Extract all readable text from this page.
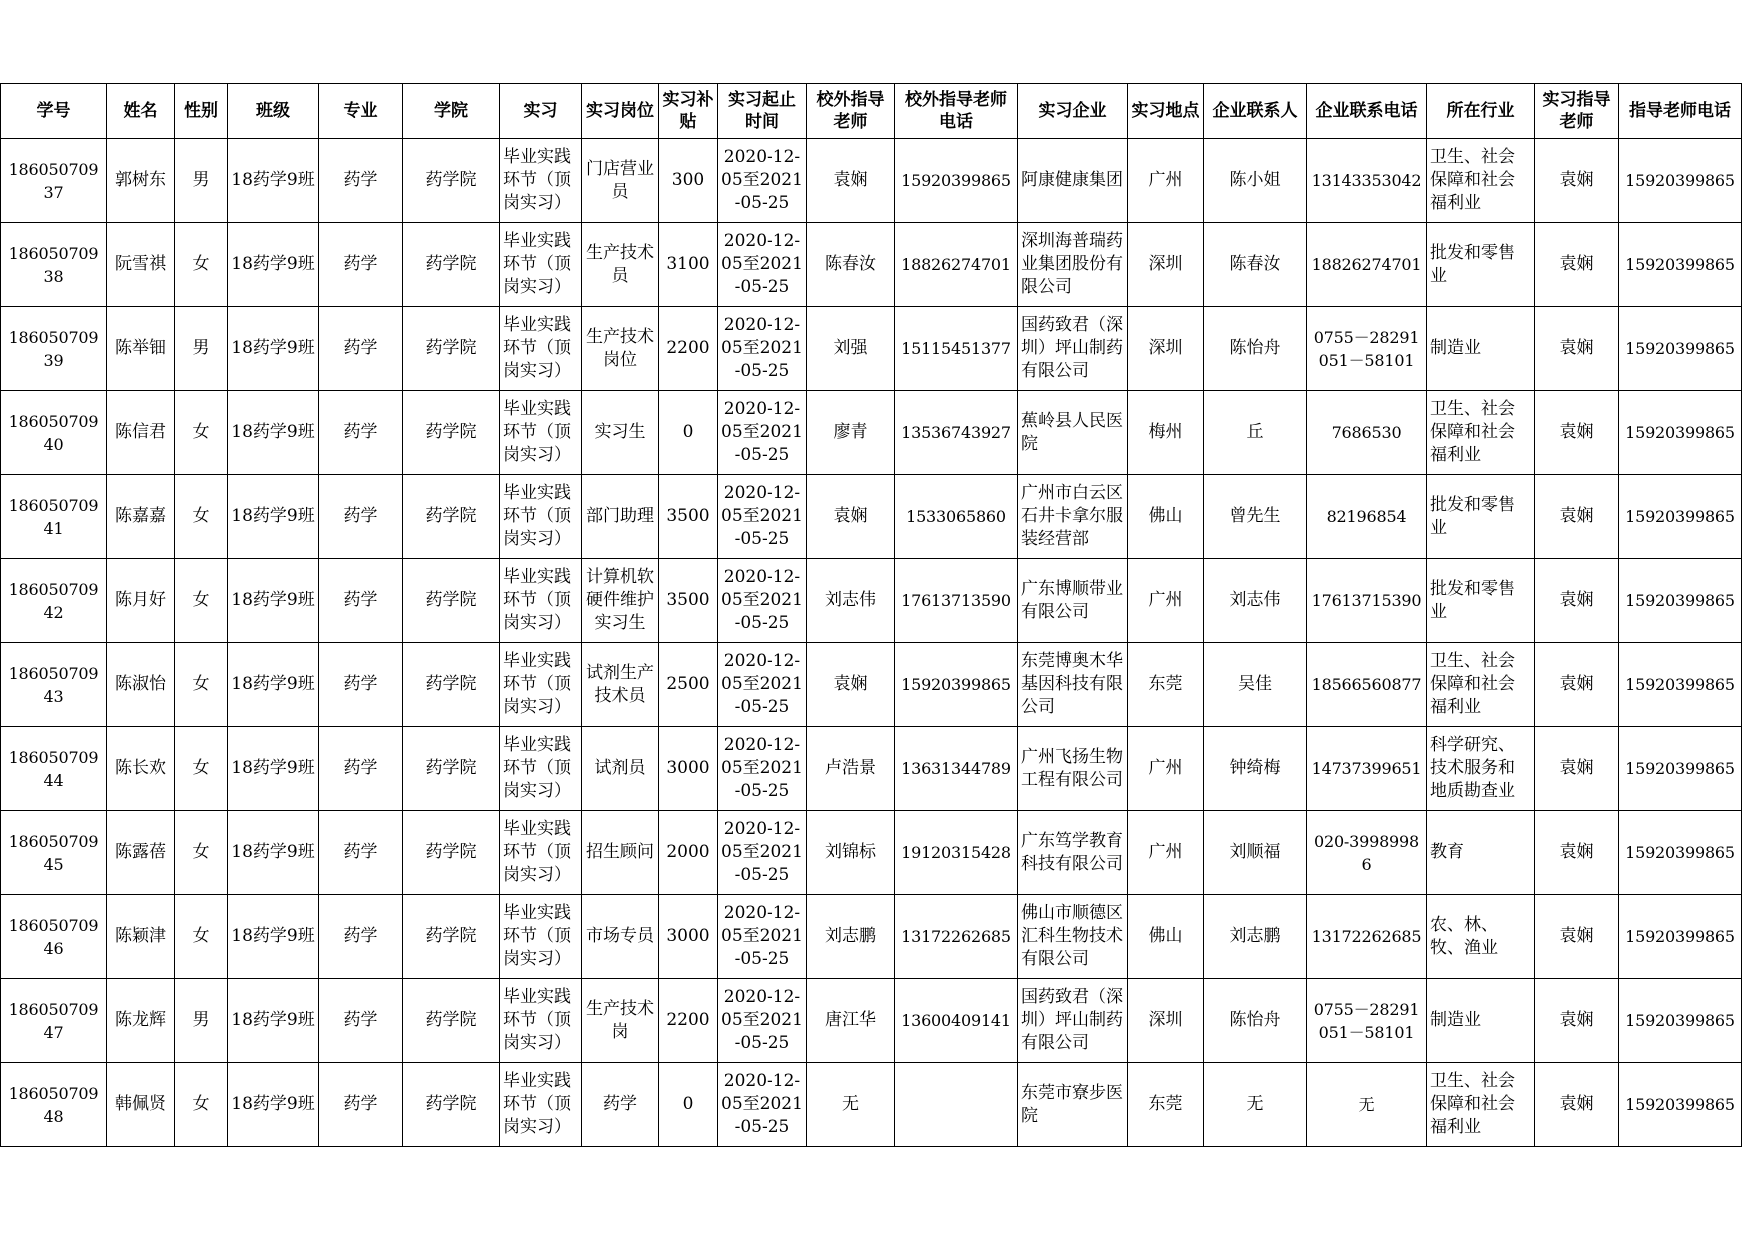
学号	姓名	性别	班级	专业	学院	实习	实习岗位	实习补贴	实习起止时间	校外指导老师	校外指导老师电话	实习企业	实习地点	企业联系人	企业联系电话	所在行业	实习指导老师	指导老师电话

18605070937	郭树东	男	18药学9班	药学	药学院	毕业实践环节（顶岗实习）	门店营业员	300	2020-12-05至2021-05-25	袁娴	15920399865	阿康健康集团	广州	陈小姐	13143353042	卫生、社会保障和社会福利业	袁娴	15920399865

18605070938	阮雪祺	女	18药学9班	药学	药学院	毕业实践环节（顶岗实习）	生产技术员	3100	2020-12-05至2021-05-25	陈春汝	18826274701	深圳海普瑞药业集团股份有限公司	深圳	陈春汝	18826274701	批发和零售业	袁娴	15920399865

18605070939	陈举钿	男	18药学9班	药学	药学院	毕业实践环节（顶岗实习）	生产技术岗位	2200	2020-12-05至2021-05-25	刘强	15115451377	国药致君（深圳）坪山制药有限公司	深圳	陈怡舟	0755－28291051－58101	制造业	袁娴	15920399865

18605070940	陈信君	女	18药学9班	药学	药学院	毕业实践环节（顶岗实习）	实习生	0	2020-12-05至2021-05-25	廖青	13536743927	蕉岭县人民医院	梅州	丘	7686530	卫生、社会保障和社会福利业	袁娴	15920399865

18605070941	陈嘉嘉	女	18药学9班	药学	药学院	毕业实践环节（顶岗实习）	部门助理	3500	2020-12-05至2021-05-25	袁娴	1533065860	广州市白云区石井卡拿尔服装经营部	佛山	曾先生	82196854	批发和零售业	袁娴	15920399865

18605070942	陈月好	女	18药学9班	药学	药学院	毕业实践环节（顶岗实习）	计算机软硬件维护实习生	3500	2020-12-05至2021-05-25	刘志伟	17613713590	广东博顺带业有限公司	广州	刘志伟	17613715390	批发和零售业	袁娴	15920399865

18605070943	陈淑怡	女	18药学9班	药学	药学院	毕业实践环节（顶岗实习）	试剂生产技术员	2500	2020-12-05至2021-05-25	袁娴	15920399865	东莞博奥木华基因科技有限公司	东莞	吴佳	18566560877	卫生、社会保障和社会福利业	袁娴	15920399865

18605070944	陈长欢	女	18药学9班	药学	药学院	毕业实践环节（顶岗实习）	试剂员	3000	2020-12-05至2021-05-25	卢浩景	13631344789	广州飞扬生物工程有限公司	广州	钟绮梅	14737399651	科学研究、技术服务和地质勘查业	袁娴	15920399865

18605070945	陈露蓓	女	18药学9班	药学	药学院	毕业实践环节（顶岗实习）	招生顾问	2000	2020-12-05至2021-05-25	刘锦标	19120315428	广东笃学教育科技有限公司	广州	刘顺福	020-39989986	教育	袁娴	15920399865

18605070946	陈颖津	女	18药学9班	药学	药学院	毕业实践环节（顶岗实习）	市场专员	3000	2020-12-05至2021-05-25	刘志鹏	13172262685	佛山市顺德区汇科生物技术有限公司	佛山	刘志鹏	13172262685	农、林、牧、渔业	袁娴	15920399865

18605070947	陈龙辉	男	18药学9班	药学	药学院	毕业实践环节（顶岗实习）	生产技术岗	2200	2020-12-05至2021-05-25	唐江华	13600409141	国药致君（深圳）坪山制药有限公司	深圳	陈怡舟	0755－28291051－58101	制造业	袁娴	15920399865

18605070948	韩佩贤	女	18药学9班	药学	药学院	毕业实践环节（顶岗实习）	药学	0	2020-12-05至2021-05-25	无		东莞市寮步医院	东莞	无	无	卫生、社会保障和社会福利业	袁娴	15920399865
